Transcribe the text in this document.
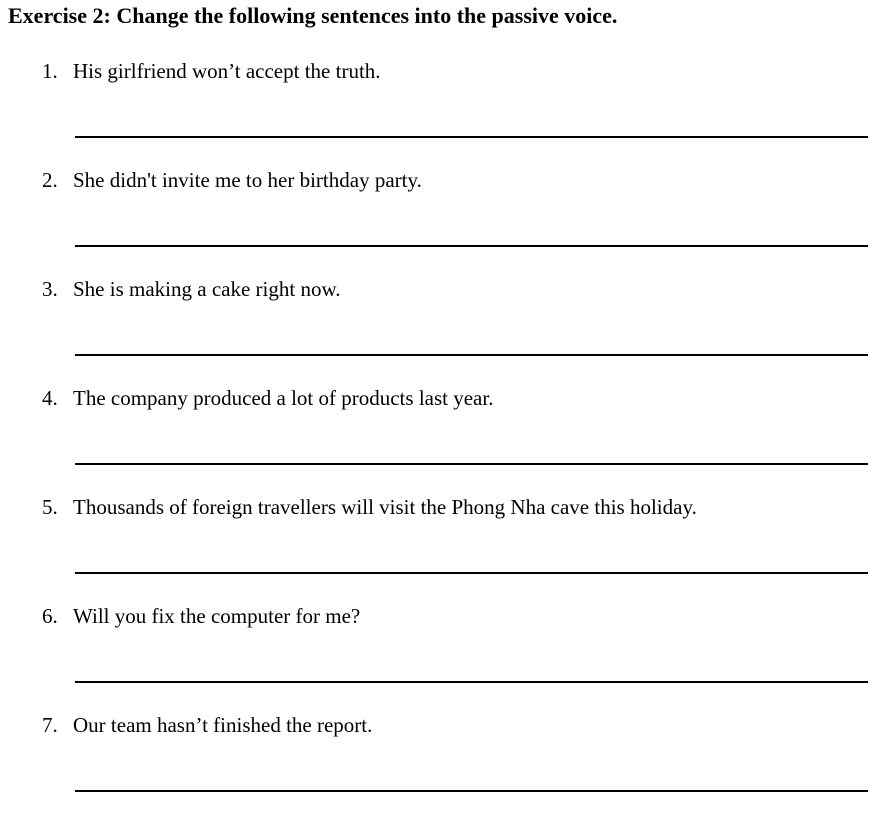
Exercise 2: Change the following sentences into the passive voice.
1. His girlfriend won’t accept the truth.
2. She didn't invite me to her birthday party.
3. She is making a cake right now.
4. The company produced a lot of products last year.
5. Thousands of foreign travellers will visit the Phong Nha cave this holiday.
6. Will you fix the computer for me?
7. Our team hasn’t finished the report.
